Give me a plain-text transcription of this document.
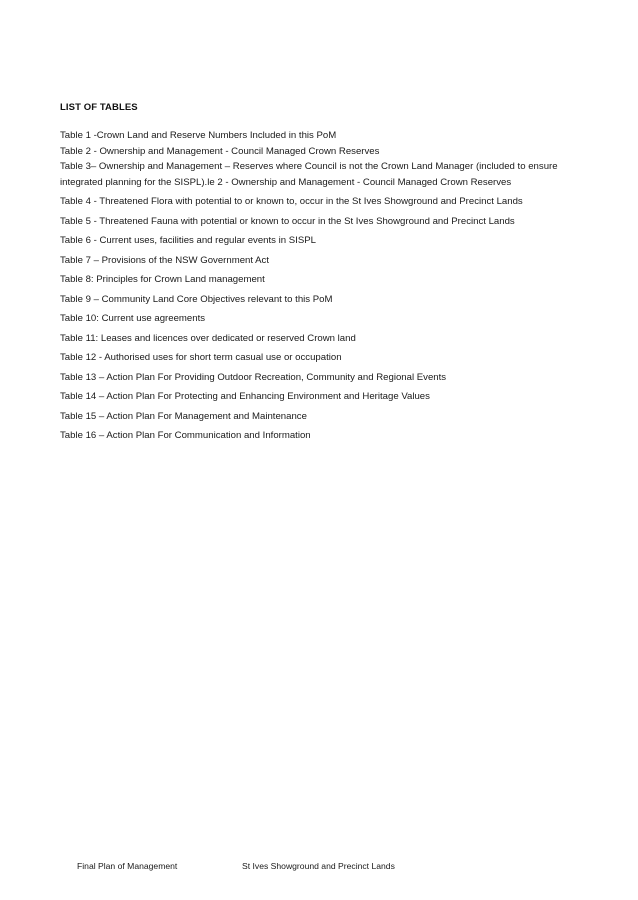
LIST OF TABLES
Table 1 -Crown Land and Reserve Numbers Included in this PoM
Table 2 - Ownership and Management - Council Managed Crown Reserves
Table 3– Ownership and Management – Reserves where Council is not the Crown Land Manager (included to ensure integrated planning for the SISPL).le 2 - Ownership and Management - Council Managed Crown Reserves
Table 4 - Threatened Flora with potential to or known to, occur in the St Ives Showground and Precinct Lands
Table 5 - Threatened Fauna with potential or known to occur in the St Ives Showground and Precinct Lands
Table 6 - Current uses, facilities and regular events in SISPL
Table 7 – Provisions of the NSW Government Act
Table 8: Principles for Crown Land management
Table 9 – Community Land Core Objectives relevant to this PoM
Table 10: Current use agreements
Table 11: Leases and licences over dedicated or reserved Crown land
Table 12 - Authorised uses for short term casual use or occupation
Table 13 – Action Plan For Providing Outdoor Recreation, Community and Regional Events
Table 14 – Action Plan For Protecting and Enhancing Environment and Heritage Values
Table 15 – Action Plan For Management and Maintenance
Table 16 – Action Plan For Communication and Information
Final Plan of Management	St Ives Showground and Precinct Lands
